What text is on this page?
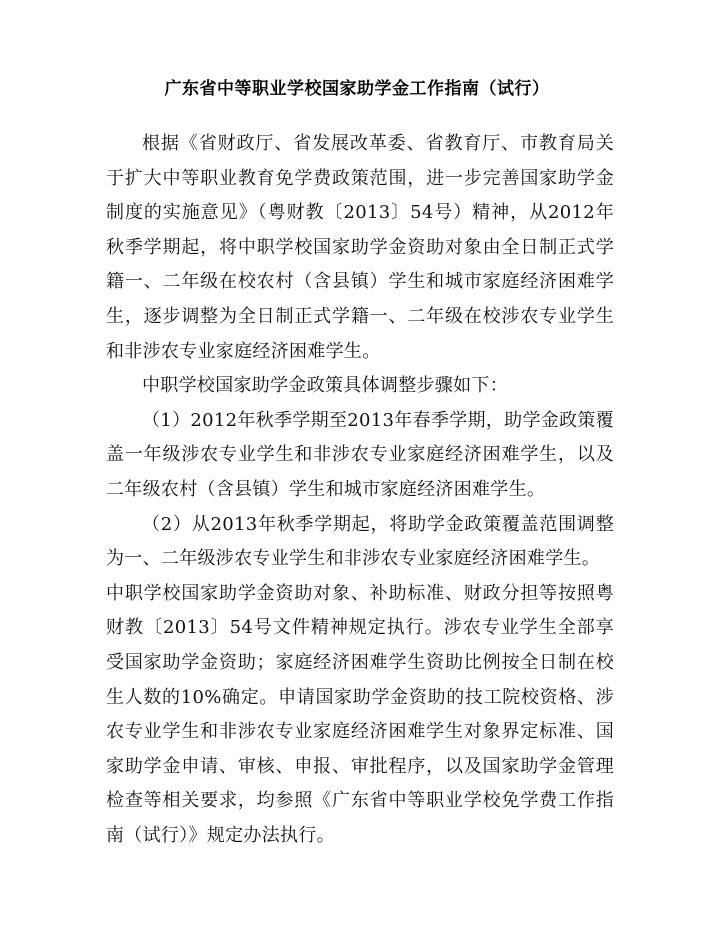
广东省中等职业学校国家助学金工作指南（试行）

根据《省财政厅、省发展改革委、省教育厅、市教育局关于扩大中等职业教育免学费政策范围，进一步完善国家助学金制度的实施意见》（粤财教〔2013〕54号）精神，从2012年秋季学期起，将中职学校国家助学金资助对象由全日制正式学籍一、二年级在校农村（含县镇）学生和城市家庭经济困难学生，逐步调整为全日制正式学籍一、二年级在校涉农专业学生和非涉农专业家庭经济困难学生。

中职学校国家助学金政策具体调整步骤如下：

（1）2012年秋季学期至2013年春季学期，助学金政策覆盖一年级涉农专业学生和非涉农专业家庭经济困难学生，以及二年级农村（含县镇）学生和城市家庭经济困难学生。

（2）从2013年秋季学期起，将助学金政策覆盖范围调整为一、二年级涉农专业学生和非涉农专业家庭经济困难学生。

中职学校国家助学金资助对象、补助标准、财政分担等按照粤财教〔2013〕54号文件精神规定执行。涉农专业学生全部享受国家助学金资助；家庭经济困难学生资助比例按全日制在校生人数的10%确定。申请国家助学金资助的技工院校资格、涉农专业学生和非涉农专业家庭经济困难学生对象界定标准、国家助学金申请、审核、申报、审批程序，以及国家助学金管理检查等相关要求，均参照《广东省中等职业学校免学费工作指南（试行）》规定办法执行。
